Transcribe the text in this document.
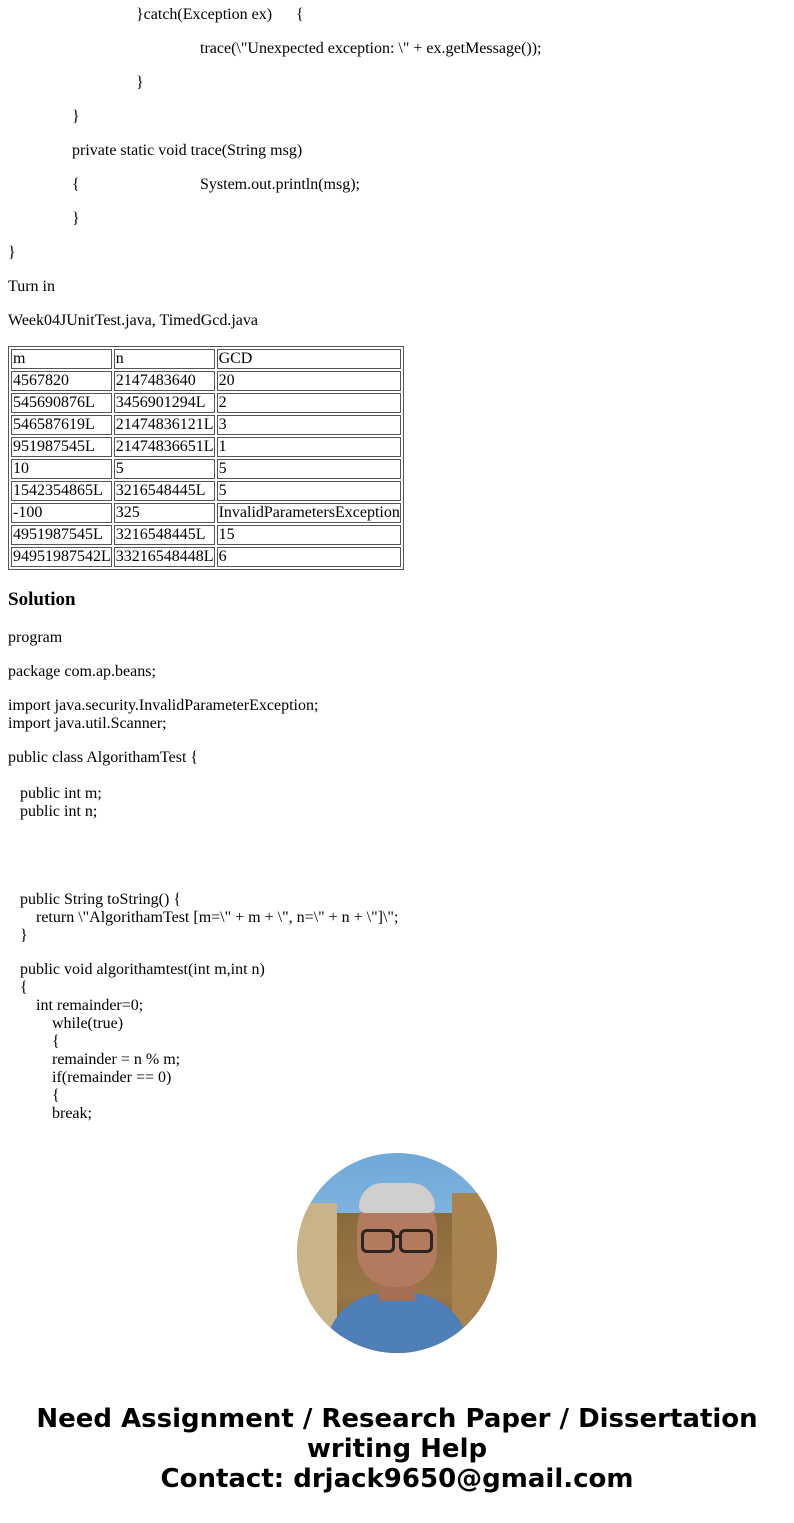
}catch(Exception ex)      {
trace(\"Unexpected exception: \" + ex.getMessage());
}
}
private static void trace(String msg)
{	System.out.println(msg);
}
}
Turn in
Week04JUnitTest.java, TimedGcd.java
m	n	GCD
4567820	2147483640	20
545690876L	3456901294L	2
546587619L	21474836121L	3
951987545L	21474836651L	1
10	5	5
1542354865L	3216548445L	5
-100	325	InvalidParametersException
4951987545L	3216548445L	15
94951987542L	33216548448L	6
Solution
program
package com.ap.beans;
import java.security.InvalidParameterException;
import java.util.Scanner;
public class AlgorithamTest {
public int m;
public int n;
public String toString() {
return \"AlgorithamTest [m=\" + m + \", n=\" + n + \"]\";
}
public void algorithamtest(int m,int n)
{
int remainder=0;
while(true)
{
remainder = n % m;
if(remainder == 0)
{
break;
Need Assignment / Research Paper / Dissertation
writing Help
Contact: drjack9650@gmail.com
